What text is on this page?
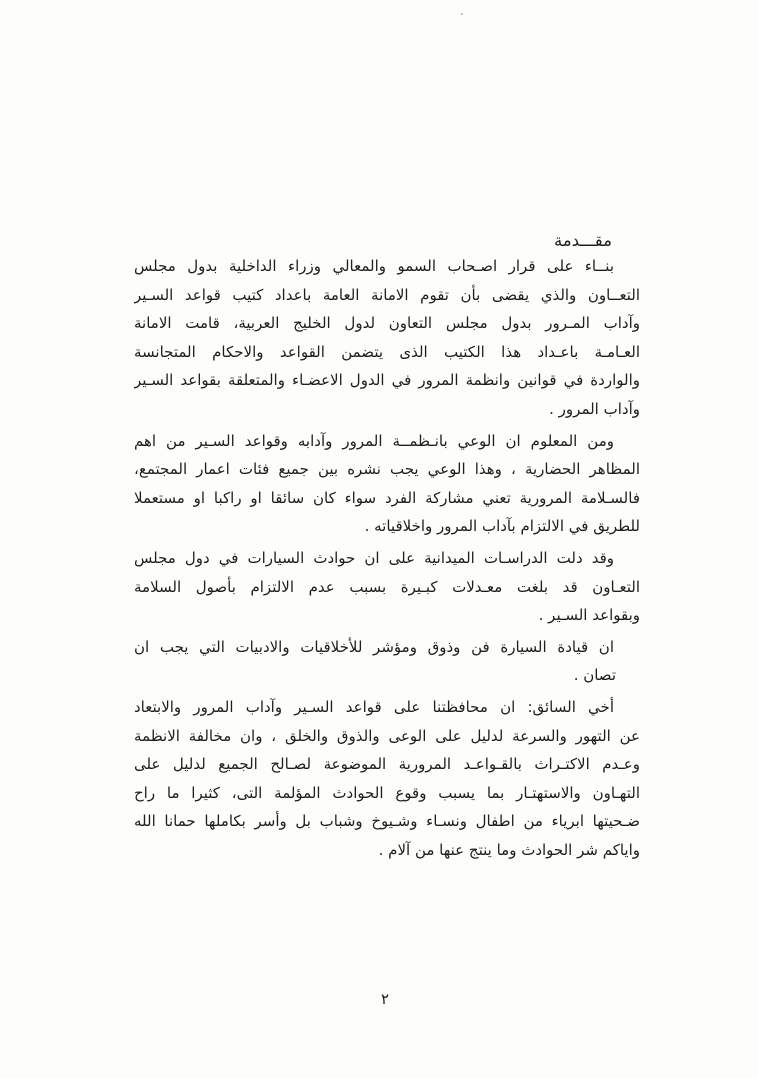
مقـــدمة
بنــاء على قرار اصـحاب السمو والمعالي وزراء الداخلية بدول مجلس
التعــاون والذي يقضى بأن تقوم الامانة العامة باعداد كتيب قواعد السـير
وآداب المـرور بدول مجلس التعاون لدول الخليج العربية، قامت الامانة
العـامـة باعـداد هذا الكتيب الذى يتضمن القواعد والاحكام المتجانسة
والواردة في قوانين وانظمة المرور في الدول الاعضـاء والمتعلقة بقواعد السـير
وآداب المرور .
ومن المعلوم ان الوعي بانـظمــة المرور وآدابه وقواعد السـير من اهم
المظاهر الحضارية ، وهذا الوعي يجب نشره بين جميع فئات اعمار المجتمع،
فالسـلامة المرورية تعني مشاركة الفرد سواء كان سائقا او راكبا او مستعملا
للطريق في الالتزام بآداب المرور واخلاقياته .
وقد دلت الدراسـات الميدانية على ان حوادث السيارات في دول مجلس
التعـاون قد بلغت معـدلات كبـيرة بسبب عدم الالتزام بأصول السلامة
وبقواعد السـير .
ان قيادة السيارة فن وذوق ومؤشر للأخلاقيات والادبيات التي يجب ان
تصان .
أخي السائق: ان محافظتنا على قواعد السـير وآداب المرور والابتعاد
عن التهور والسرعة لدليل على الوعى والذوق والخلق ، وان مخالفة الانظمة
وعـدم الاكتـراث بالقـواعـد المرورية الموضوعة لصـالح الجميع لدليل على
التهـاون والاستهتـار بما يسبب وقوع الحوادث المؤلمة التى، كثيرا ما راح
ضـحيتها ابرياء من اطفال ونسـاء وشـيوخ وشباب بل وأسر بكاملها حمانا الله
واياكم شر الحوادث وما ينتج عنها من آلام .
٢
